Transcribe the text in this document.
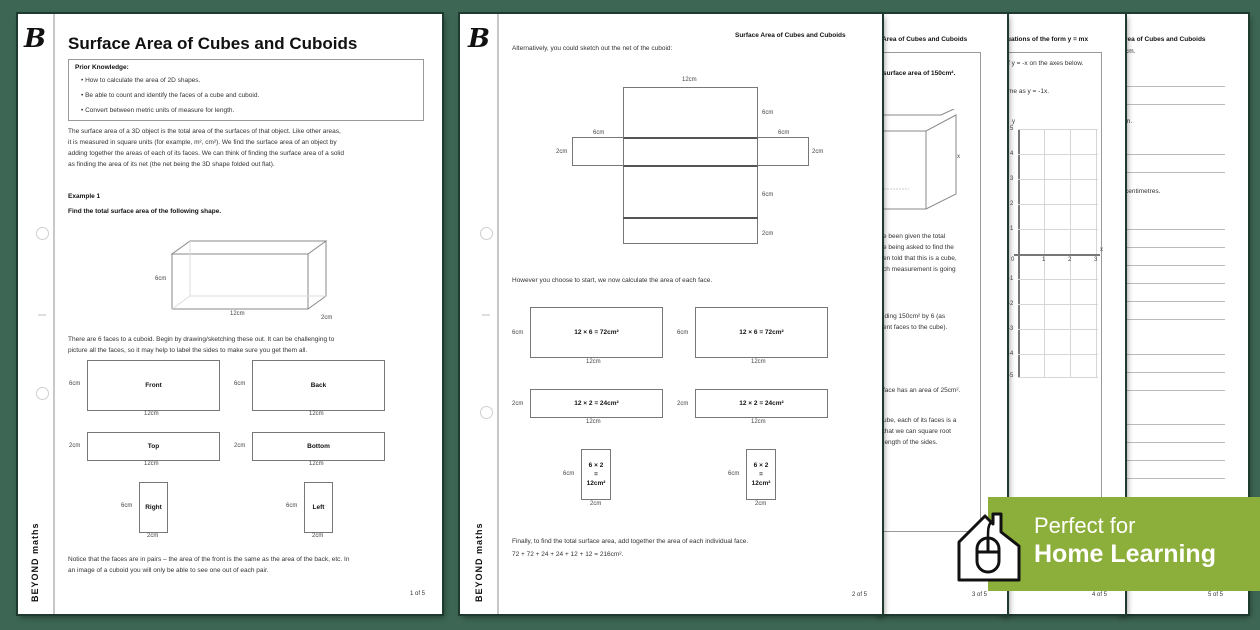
rea of Cubes and Cuboids
cm.
m.
centimetres.
5 of 5
uations of the form y = mx
f y = -x on the axes below.
me as y = -1x.
y
x
5
4
3
2
1
-1
-2
-3
-4
-5
0	1	2	3
4 of 5
Area of Cubes and Cuboids
surface area of 150cm².
x
e been given the total
e being asked to find the
en told that this is a cube,
ch measurement is going
iding 150cm² by 6 (as
ent faces to the cube).
face has an area of 25cm².
ube, each of its faces is a
that we can square root
length of the sides.
3 of 5
B
BEYOND maths
Surface Area of Cubes and Cuboids
Alternatively, you could sketch out the net of the cuboid:
12cm
6cm
6cm	6cm
2cm	2cm
6cm
2cm
However you choose to start, we now calculate the area of each face.
6cm	12 × 6 = 72cm²
12cm
6cm	12 × 6 = 72cm²
12cm
2cm	12 × 2 = 24cm²
12cm
2cm	12 × 2 = 24cm²
12cm
6cm
6 × 2
=
12cm²
2cm
6cm
6 × 2
=
12cm²
2cm
Finally, to find the total surface area, add together the area of each individual face.
72 + 72 + 24 + 24 + 12 + 12 = 216cm².
2 of 5
B
BEYOND maths
Surface Area of Cubes and Cuboids
Prior Knowledge:
• How to calculate the area of 2D shapes.
• Be able to count and identify the faces of a cube and cuboid.
• Convert between metric units of measure for length.
The surface area of a 3D object is the total area of the surfaces of that object. Like other areas,
it is measured in square units (for example, m², cm²). We find the surface area of an object by
adding together the areas of each of its faces. We can think of finding the surface area of a solid
as finding the area of its net (the net being the 3D shape folded out flat).
Example 1
Find the total surface area of the following shape.
6cm
12cm
2cm
There are 6 faces to a cuboid. Begin by drawing/sketching these out. It can be challenging to
picture all the faces, so it may help to label the sides to make sure you get them all.
6cm	Front
12cm
6cm	Back
12cm
2cm	Top
12cm
2cm	Bottom
12cm
6cm	Right
2cm
6cm	Left
2cm
Notice that the faces are in pairs – the area of the front is the same as the area of the back, etc. In
an image of a cuboid you will only be able to see one out of each pair.
1 of 5
Perfect for
Home Learning
